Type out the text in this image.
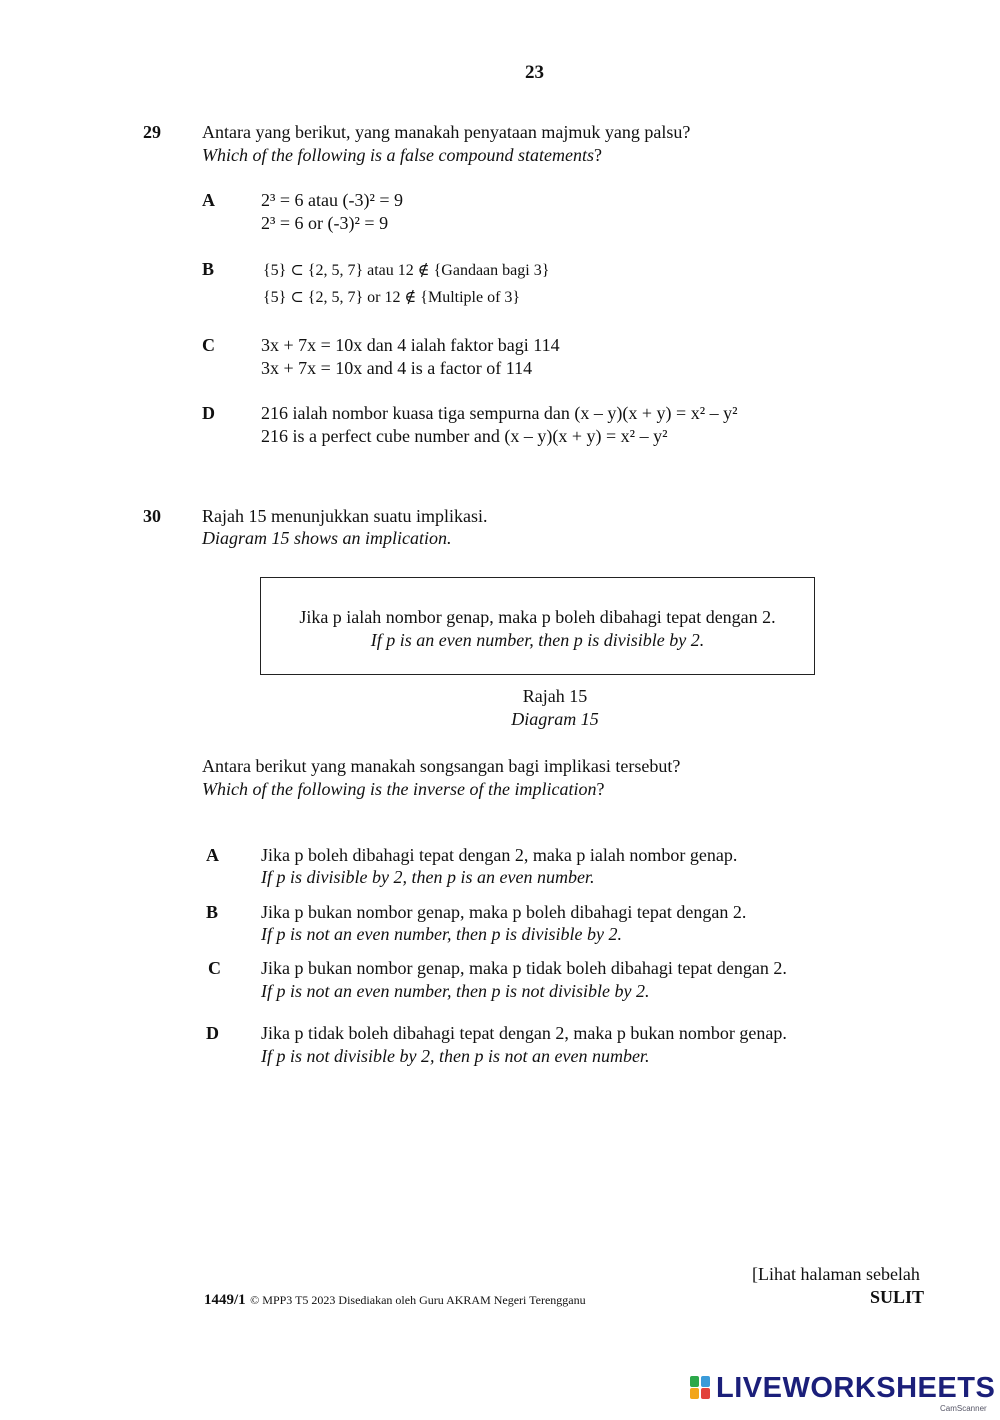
23
29 Antara yang berikut, yang manakah penyataan majmuk yang palsu?
Which of the following is a false compound statements?
A	2³ = 6 atau (-3)² = 9
2³ = 6 or (-3)² = 9
B	{5} ⊂ {2, 5, 7} atau 12 ∉ {Gandaan bagi 3}
{5} ⊂ {2, 5, 7} or 12 ∉ {Multiple of 3}
C	3x + 7x = 10x dan 4 ialah faktor bagi 114
3x + 7x = 10x and 4 is a factor of 114
D	216 ialah nombor kuasa tiga sempurna dan (x – y)(x + y) = x² – y²
216 is a perfect cube number and (x – y)(x + y) = x² – y²
30 Rajah 15 menunjukkan suatu implikasi.
Diagram 15 shows an implication.
Jika p ialah nombor genap, maka p boleh dibahagi tepat dengan 2.
If p is an even number, then p is divisible by 2.
Rajah 15
Diagram 15
Antara berikut yang manakah songsangan bagi implikasi tersebut?
Which of the following is the inverse of the implication?
A Jika p boleh dibahagi tepat dengan 2, maka p ialah nombor genap.
If p is divisible by 2, then p is an even number.
B Jika p bukan nombor genap, maka p boleh dibahagi tepat dengan 2.
If p is not an even number, then p is divisible by 2.
C Jika p bukan nombor genap, maka p tidak boleh dibahagi tepat dengan 2.
If p is not an even number, then p is not divisible by 2.
D Jika p tidak boleh dibahagi tepat dengan 2, maka p bukan nombor genap.
If p is not divisible by 2, then p is not an even number.
[Lihat halaman sebelah
1449/1 © MPP3 T5 2023 Disediakan oleh Guru AKRAM Negeri Terengganu	SULIT
LIVEWORKSHEETS
CamScanner
